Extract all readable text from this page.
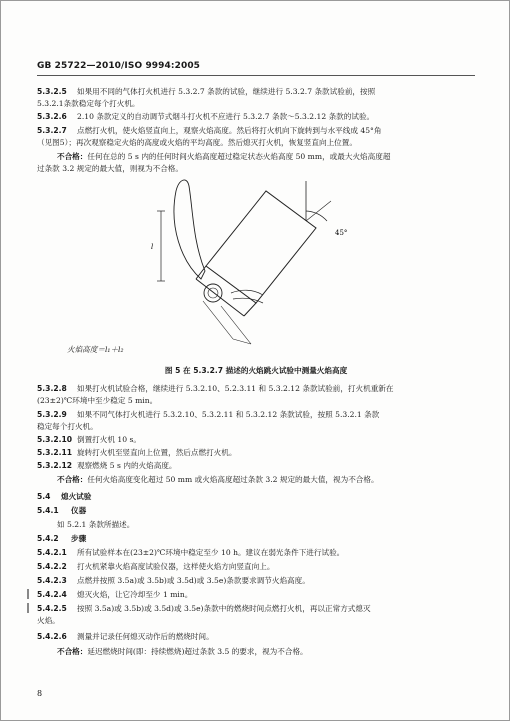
GB 25722—2010/ISO 9994:2005
5.3.2.5 如果用不同的气体打火机进行 5.3.2.7 条款的试验，继续进行 5.3.2.7 条款试验前，按照
5.3.2.1条款稳定每个打火机。
5.3.2.6 2.10 条款定义的自动调节式烟斗打火机不应进行 5.3.2.7 条款～5.3.2.12 条款的试验。
5.3.2.7 点燃打火机，使火焰竖直向上，观察火焰高度。然后将打火机向下旋转到与水平线成 45°角
（见图5）；再次观察稳定火焰的高度或火焰的平均高度。然后熄灭打火机，恢复竖直向上位置。
不合格：任何在总的 5 s 内的任何时间火焰高度超过稳定状态火焰高度 50 mm，或最大火焰高度超
过条款 3.2 规定的最大值，则视为不合格。
45°
l
火焰高度＝l₁＋l₂
图 5 在 5.3.2.7 描述的火焰跳火试验中测量火焰高度
5.3.2.8 如果打火机试验合格，继续进行 5.3.2.10、5.2.3.11 和 5.3.2.12 条款试验前，打火机重新在
(23±2)℃环境中至少稳定 5 min。
5.3.2.9 如果不同气体打火机进行 5.3.2.10、5.3.2.11 和 5.3.2.12 条款试验，按照 5.3.2.1 条款
稳定每个打火机。
5.3.2.10 倒置打火机 10 s。
5.3.2.11 旋转打火机至竖直向上位置，然后点燃打火机。
5.3.2.12 观察燃烧 5 s 内的火焰高度。
不合格：任何火焰高度变化超过 50 mm 或火焰高度超过条款 3.2 规定的最大值，视为不合格。
5.4 熄火试验
5.4.1 仪器
如 5.2.1 条款所描述。
5.4.2 步骤
5.4.2.1 所有试验样本在(23±2)℃环境中稳定至少 10 h。建议在弱光条件下进行试验。
5.4.2.2 打火机紧靠火焰高度试验仪器，这样使火焰方向竖直向上。
5.4.2.3 点燃并按照 3.5a)或 3.5b)或 3.5d)或 3.5e)条款要求调节火焰高度。
5.4.2.4 熄灭火焰，让它冷却至少 1 min。
5.4.2.5 按照 3.5a)或 3.5b)或 3.5d)或 3.5e)条款中的燃烧时间点燃打火机，再以正常方式熄灭
火焰。
5.4.2.6 测量并记录任何熄灭动作后的燃烧时间。
不合格：延迟燃烧时间(即：持续燃烧)超过条款 3.5 的要求，视为不合格。
8
